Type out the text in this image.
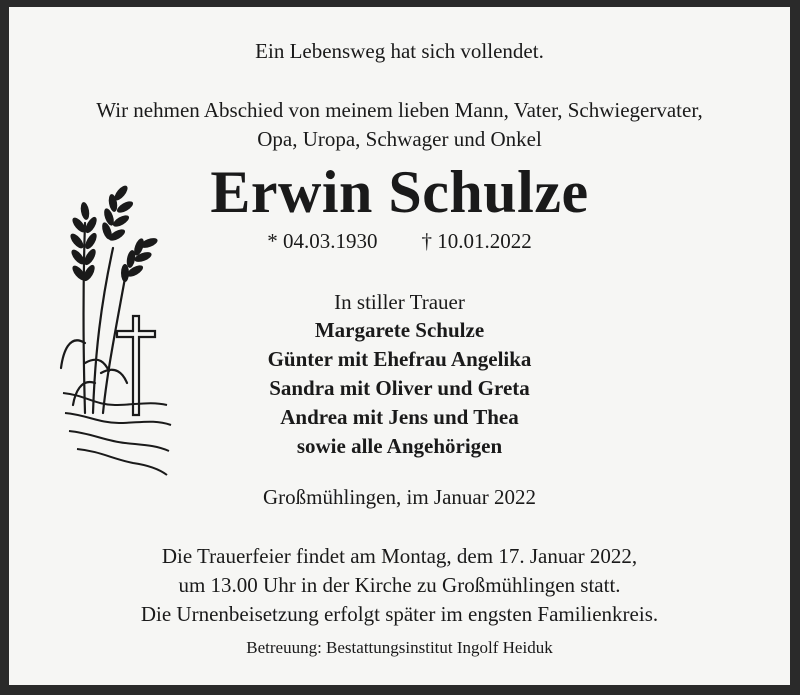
Ein Lebensweg hat sich vollendet.
Wir nehmen Abschied von meinem lieben Mann, Vater, Schwiegervater,
Opa, Uropa, Schwager und Onkel
Erwin Schulze
* 04.03.1930 † 10.01.2022
In stiller Trauer
Margarete Schulze
Günter mit Ehefrau Angelika
Sandra mit Oliver und Greta
Andrea mit Jens und Thea
sowie alle Angehörigen
Großmühlingen, im Januar 2022
Die Trauerfeier findet am Montag, dem 17. Januar 2022,
um 13.00 Uhr in der Kirche zu Großmühlingen statt.
Die Urnenbeisetzung erfolgt später im engsten Familienkreis.
Betreuung: Bestattungsinstitut Ingolf Heiduk
